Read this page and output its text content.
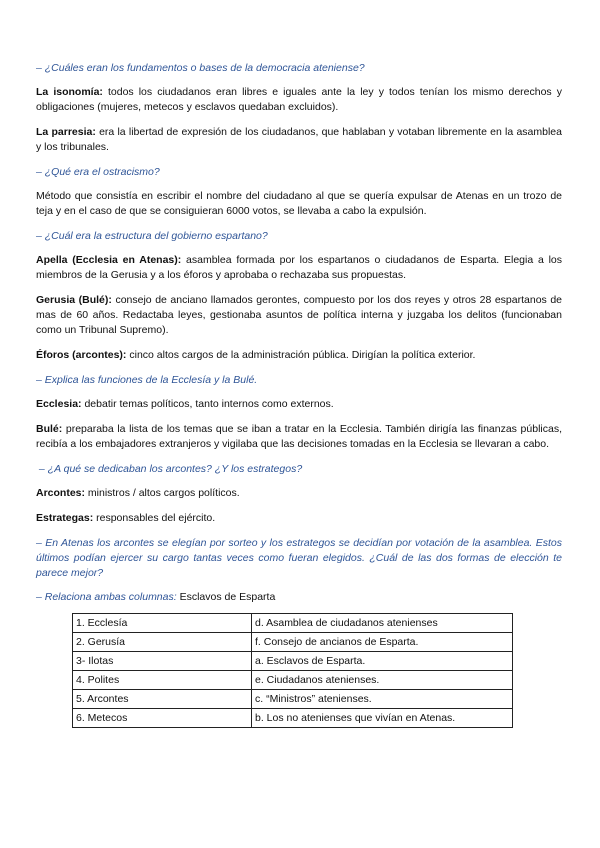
– ¿Cuáles eran los fundamentos o bases de la democracia ateniense?
La isonomía: todos los ciudadanos eran libres e iguales ante la ley y todos tenían los mismo derechos y obligaciones (mujeres, metecos y esclavos quedaban excluidos).
La parresia: era la libertad de expresión de los ciudadanos, que hablaban y votaban libremente en la asamblea y los tribunales.
– ¿Qué era el ostracismo?
Método que consistía en escribir el nombre del ciudadano al que se quería expulsar de Atenas en un trozo de teja y en el caso de que se consiguieran 6000 votos, se llevaba a cabo la expulsión.
– ¿Cuál era la estructura del gobierno espartano?
Apella (Ecclesia en Atenas): asamblea formada por los espartanos o ciudadanos de Esparta. Elegia a los miembros de la Gerusia y a los éforos y aprobaba o rechazaba sus propuestas.
Gerusia (Bulé): consejo de anciano llamados gerontes, compuesto por los dos reyes y otros 28 espartanos de mas de 60 años. Redactaba leyes, gestionaba asuntos de política interna y juzgaba los delitos (funcionaban como un Tribunal Supremo).
Éforos (arcontes): cinco altos cargos de la administración pública. Dirigían la política exterior.
– Explica las funciones de la Ecclesía y la Bulé.
Ecclesia: debatir temas políticos, tanto internos como externos.
Bulé: preparaba la lista de los temas que se iban a tratar en la Ecclesia. También dirigía las finanzas públicas, recibía a los embajadores extranjeros y vigilaba que las decisiones tomadas en la Ecclesia se llevaran a cabo.
– ¿A qué se dedicaban los arcontes? ¿Y los estrategos?
Arcontes: ministros / altos cargos políticos.
Estrategas: responsables del ejército.
– En Atenas los arcontes se elegían por sorteo y los estrategos se decidían por votación de la asamblea. Estos últimos podían ejercer su cargo tantas veces como fueran elegidos. ¿Cuál de las dos formas de elección te parece mejor?
– Relaciona ambas columnas: Esclavos de Esparta
1. Ecclesía	d. Asamblea de ciudadanos atenienses
2. Gerusía	f. Consejo de ancianos de Esparta.
3- Ilotas	a. Esclavos de Esparta.
4. Polites	e. Ciudadanos atenienses.
5. Arcontes	c. “Ministros” atenienses.
6. Metecos	b. Los no atenienses que vivían en Atenas.
